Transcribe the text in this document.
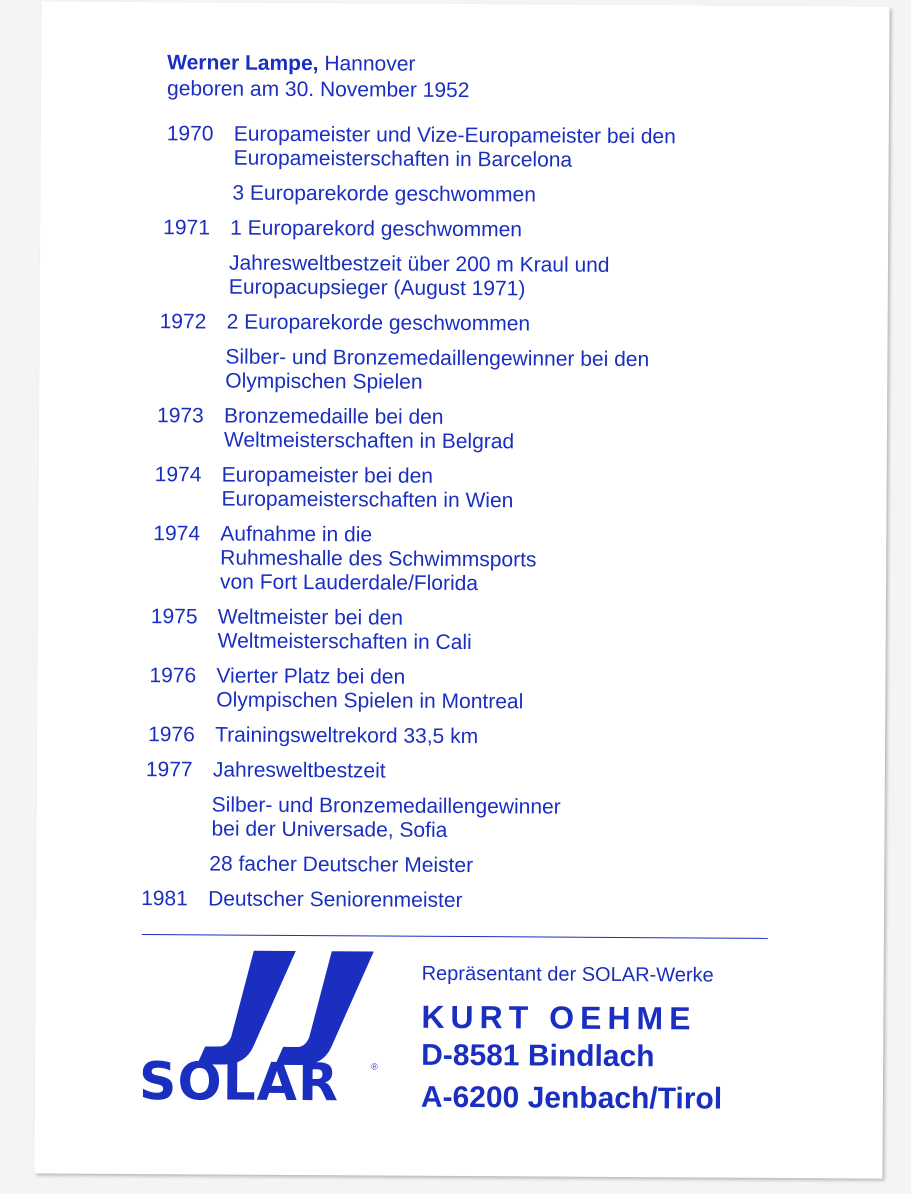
Werner Lampe, Hannover
geboren am 30. November 1952
1970 Europameister und Vize-Europameister bei den
Europameisterschaften in Barcelona
3 Europarekorde geschwommen
1971 1 Europarekord geschwommen
Jahresweltbestzeit über 200 m Kraul und
Europacupsieger (August 1971)
1972 2 Europarekorde geschwommen
Silber- und Bronzemedaillengewinner bei den
Olympischen Spielen
1973 Bronzemedaille bei den
Weltmeisterschaften in Belgrad
1974 Europameister bei den
Europameisterschaften in Wien
1974 Aufnahme in die
Ruhmeshalle des Schwimmsports
von Fort Lauderdale/Florida
1975 Weltmeister bei den
Weltmeisterschaften in Cali
1976 Vierter Platz bei den
Olympischen Spielen in Montreal
1976 Trainingsweltrekord 33,5 km
1977 Jahresweltbestzeit
Silber- und Bronzemedaillengewinner
bei der Universade, Sofia
28 facher Deutscher Meister
1981 Deutscher Seniorenmeister
SOLAR	®
Repräsentant der SOLAR-Werke
KURT OEHME
D-8581 Bindlach
A-6200 Jenbach/Tirol
